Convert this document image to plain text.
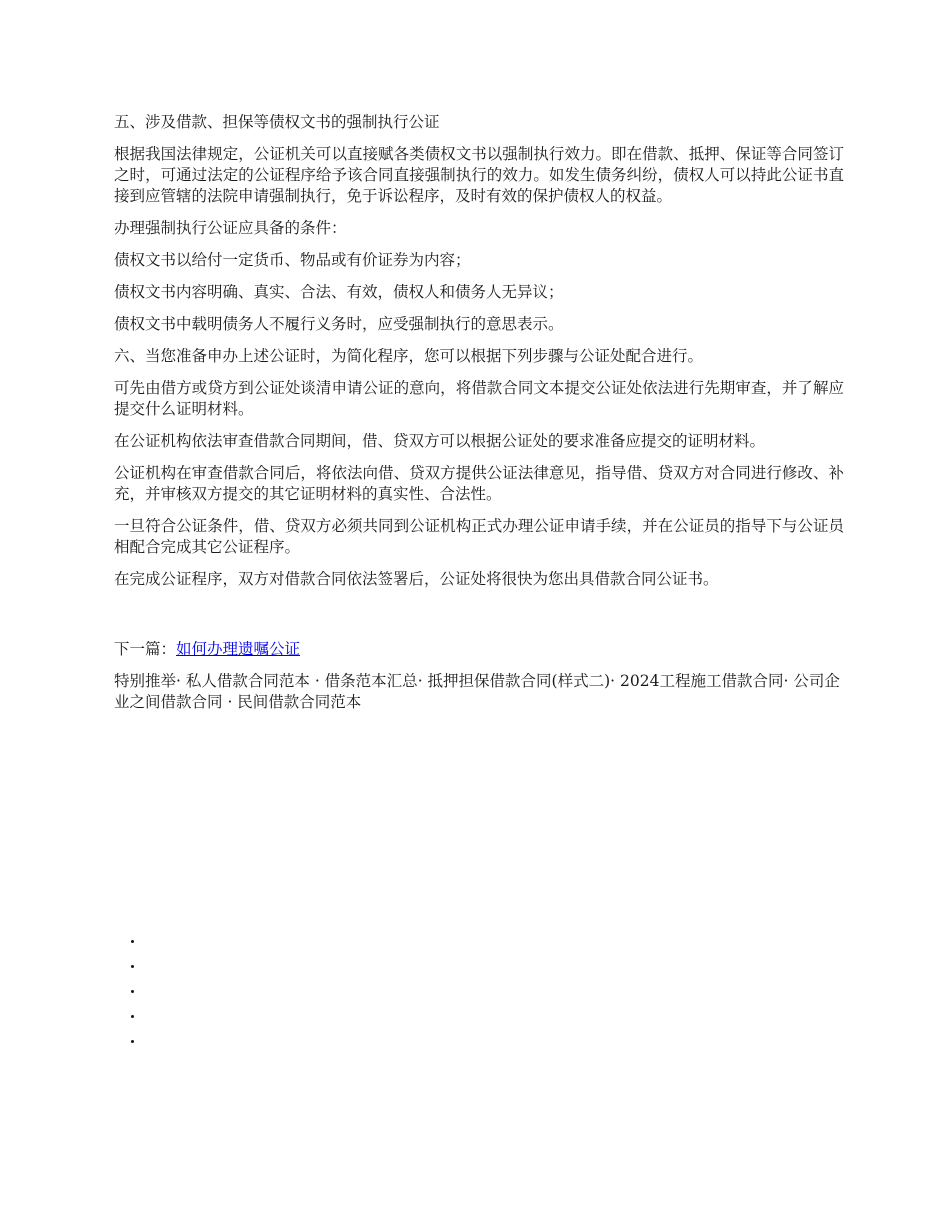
五、涉及借款、担保等债权文书的强制执行公证

根据我国法律规定，公证机关可以直接赋各类债权文书以强制执行效力。即在借款、抵押、保证等合同签订之时，可通过法定的公证程序给予该合同直接强制执行的效力。如发生债务纠纷，债权人可以持此公证书直接到应管辖的法院申请强制执行，免于诉讼程序，及时有效的保护债权人的权益。

办理强制执行公证应具备的条件：

债权文书以给付一定货币、物品或有价证券为内容；

债权文书内容明确、真实、合法、有效，债权人和债务人无异议；

债权文书中载明债务人不履行义务时，应受强制执行的意思表示。

六、当您准备申办上述公证时，为简化程序，您可以根据下列步骤与公证处配合进行。

可先由借方或贷方到公证处谈清申请公证的意向，将借款合同文本提交公证处依法进行先期审查，并了解应提交什么证明材料。

在公证机构依法审查借款合同期间，借、贷双方可以根据公证处的要求准备应提交的证明材料。

公证机构在审查借款合同后，将依法向借、贷双方提供公证法律意见，指导借、贷双方对合同进行修改、补充，并审核双方提交的其它证明材料的真实性、合法性。

一旦符合公证条件，借、贷双方必须共同到公证机构正式办理公证申请手续，并在公证员的指导下与公证员相配合完成其它公证程序。

在完成公证程序，双方对借款合同依法签署后，公证处将很快为您出具借款合同公证书。

下一篇：如何办理遗嘱公证

特别推举· 私人借款合同范本 · 借条范本汇总· 抵押担保借款合同(样式二)· 2024工程施工借款合同· 公司企业之间借款合同 · 民间借款合同范本
